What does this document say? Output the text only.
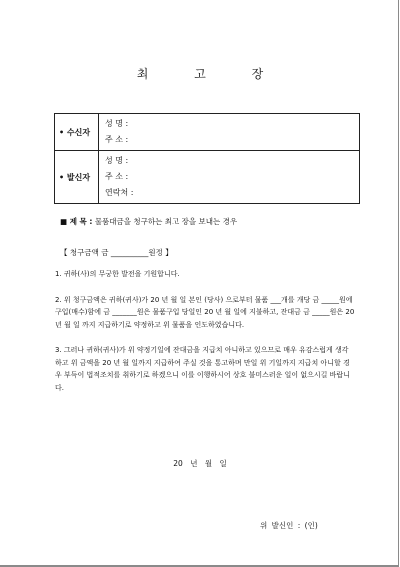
최 고 장
• 수신자	성 명 :
주 소 :

• 발신자	성 명 :
주 소 :
연락처 :
■ 제 목 : 물품대금을 청구하는 최고 장을 보내는 경우
【 청구금액 금 __________원정 】
1. 귀하(사)의 무궁한 발전을 기원합니다.
2. 위 청구금액은 귀하(귀사)가 20 년 월 일 본인 (당사) 으로부터 물품 ___개를 개당 금 _____원에 구입(매수)함에 금 _______원은 물품구입 당일인 20 년 월 일에 지불하고, 잔대금 금 _____원은 20 년 월 일 까지 지급하기로 약정하고 위 물품을 인도하였습니다.
3. 그러나 귀하(귀사)가 위 약정기일에 잔대금을 지급치 아니하고 있으므로 매우 유감스럽게 생각하고 위 금액을 20 년 월 일까지 지급하여 주실 것을 통고하며 만일 위 기일까지 지급치 아니할 경우 부득이 법적조치를 취하기로 하겠으니 이를 이행하시어 상호 불미스러운 일이 없으시길 바랍니다.
20 년 월 일
위 발신인 : (인)
